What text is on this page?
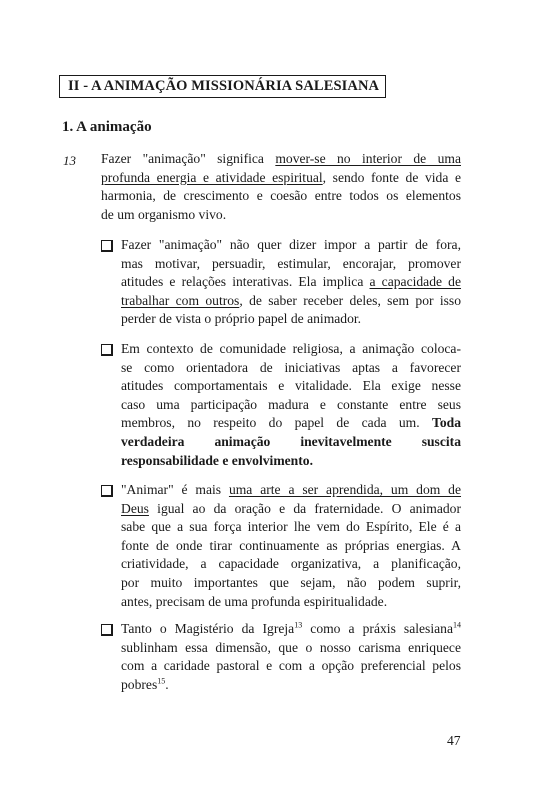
II - A ANIMAÇÃO MISSIONÁRIA SALESIANA
1. A animação
13 Fazer "animação" significa mover-se no interior de uma
profunda energia e atividade espiritual, sendo fonte de vida e
harmonia, de crescimento e coesão entre todos os elementos
de um organismo vivo.
Fazer "animação" não quer dizer impor a partir de fora,
mas motivar, persuadir, estimular, encorajar, promover
atitudes e relações interativas. Ela implica a capacidade de
trabalhar com outros, de saber receber deles, sem por isso
perder de vista o próprio papel de animador.
Em contexto de comunidade religiosa, a animação coloca-
se como orientadora de iniciativas aptas a favorecer
atitudes comportamentais e vitalidade. Ela exige nesse
caso uma participação madura e constante entre seus
membros, no respeito do papel de cada um. Toda
verdadeira animação inevitavelmente suscita
responsabilidade e envolvimento.
"Animar" é mais uma arte a ser aprendida, um dom de
Deus igual ao da oração e da fraternidade. O animador
sabe que a sua força interior lhe vem do Espírito, Ele é a
fonte de onde tirar continuamente as próprias energias. A
criatividade, a capacidade organizativa, a planificação,
por muito importantes que sejam, não podem suprir,
antes, precisam de uma profunda espiritualidade.
Tanto o Magistério da Igreja$^{13}$ como a práxis salesiana$^{14}$
sublinham essa dimensão, que o nosso carisma enriquece
com a caridade pastoral e com a opção preferencial pelos
pobres$^{15}$.
47
